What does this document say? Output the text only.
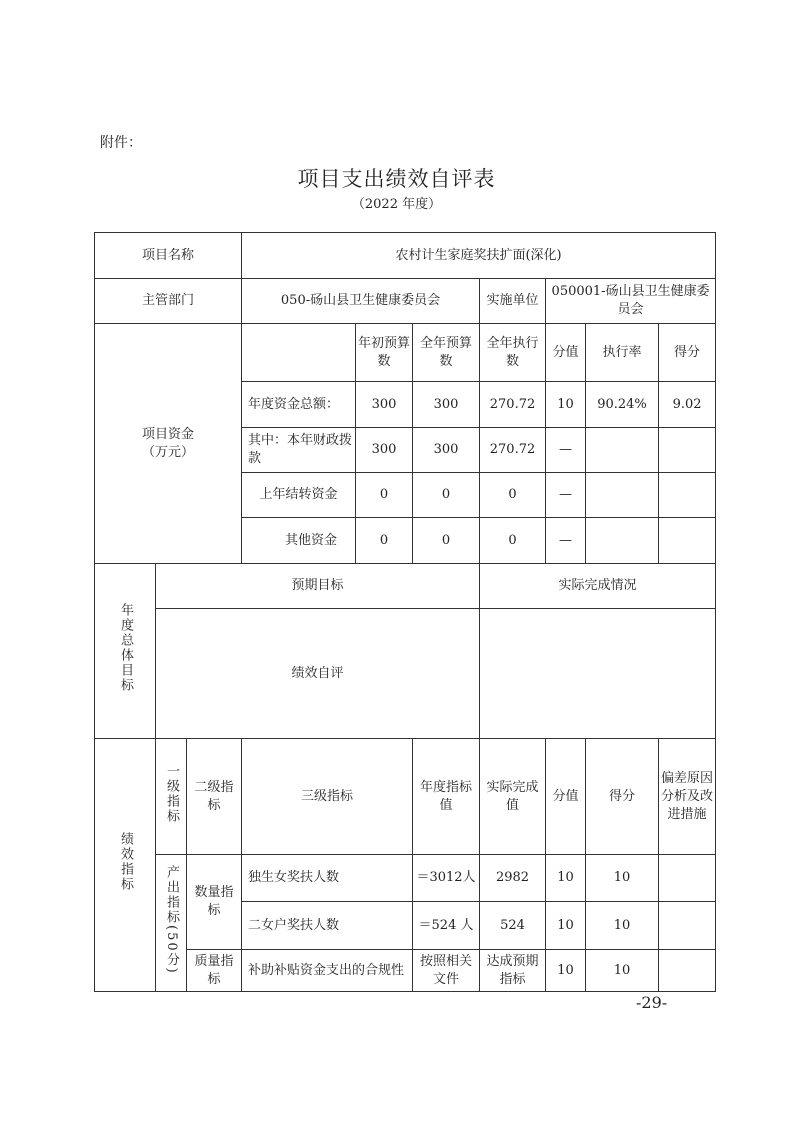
附件：
项目支出绩效自评表
（2022 年度）
项目名称			农村计生家庭奖扶扩面(深化)						
主管部门			050-砀山县卫生健康委员会			实施单位	050001-砀山县卫生健康委员会		

项目资金
（万元）				年初预算数	全年预算数	全年执行数	分值	执行率	得分
			年度资金总额：	300	300	270.72	10	90.24%	9.02
			其中：本年财政拨款	300	300	270.72	—		
			上年结转资金	0	0	0	—		
			其他资金	0	0	0	—		
年度总体目标	预期目标					实际完成情况			
	绩效自评								
绩效指标	一级指标	二级指标	三级指标		年度指标值	实际完成值	分值	得分	偏差原因分析及改进措施
	产出指标(50分)	数量指标	独生女奖扶人数		＝3012人	2982	10	10	
			二女户奖扶人数		＝524 人	524	10	10	
		质量指标	补助补贴资金支出的合规性		按照相关文件	达成预期指标	10	10	
-29-
